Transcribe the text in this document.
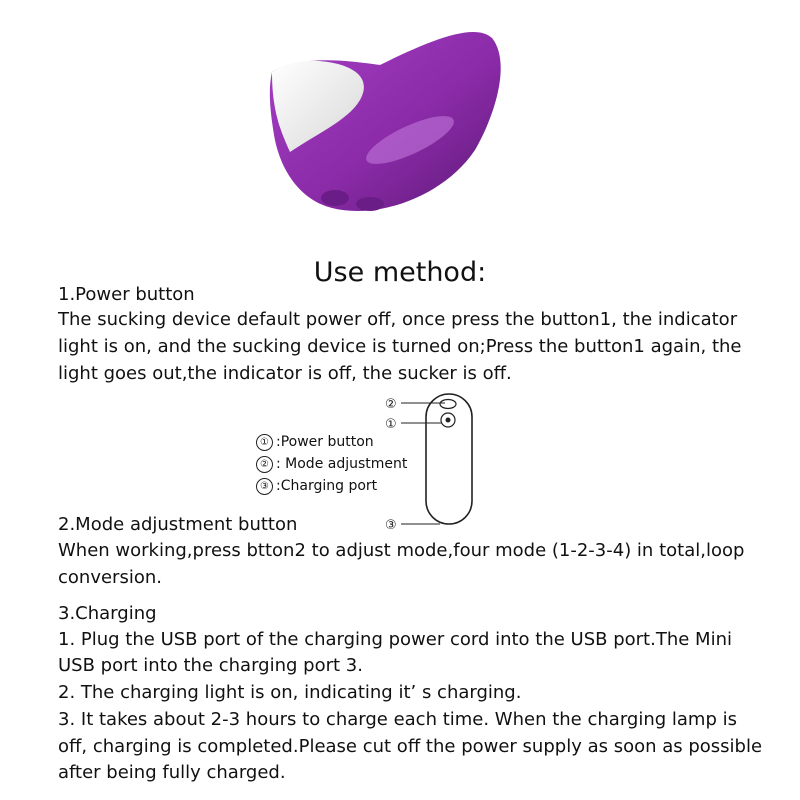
Use method:
1.Power button
The sucking device default power off, once press the button1, the indicator
light is on, and the sucking device is turned on;Press the button1 again, the
light goes out,the indicator is off, the sucker is off.
① :Power button
② : Mode adjustment
③ :Charging port
②
①
③
2.Mode adjustment button
When working,press btton2 to adjust mode,four mode (1-2-3-4) in total,loop
conversion.
3.Charging
1. Plug the USB port of the charging power cord into the USB port.The Mini
USB port into the charging port 3.
2. The charging light is on, indicating it’ s charging.
3. It takes about 2-3 hours to charge each time. When the charging lamp is
off, charging is completed.Please cut off the power supply as soon as possible
after being fully charged.
